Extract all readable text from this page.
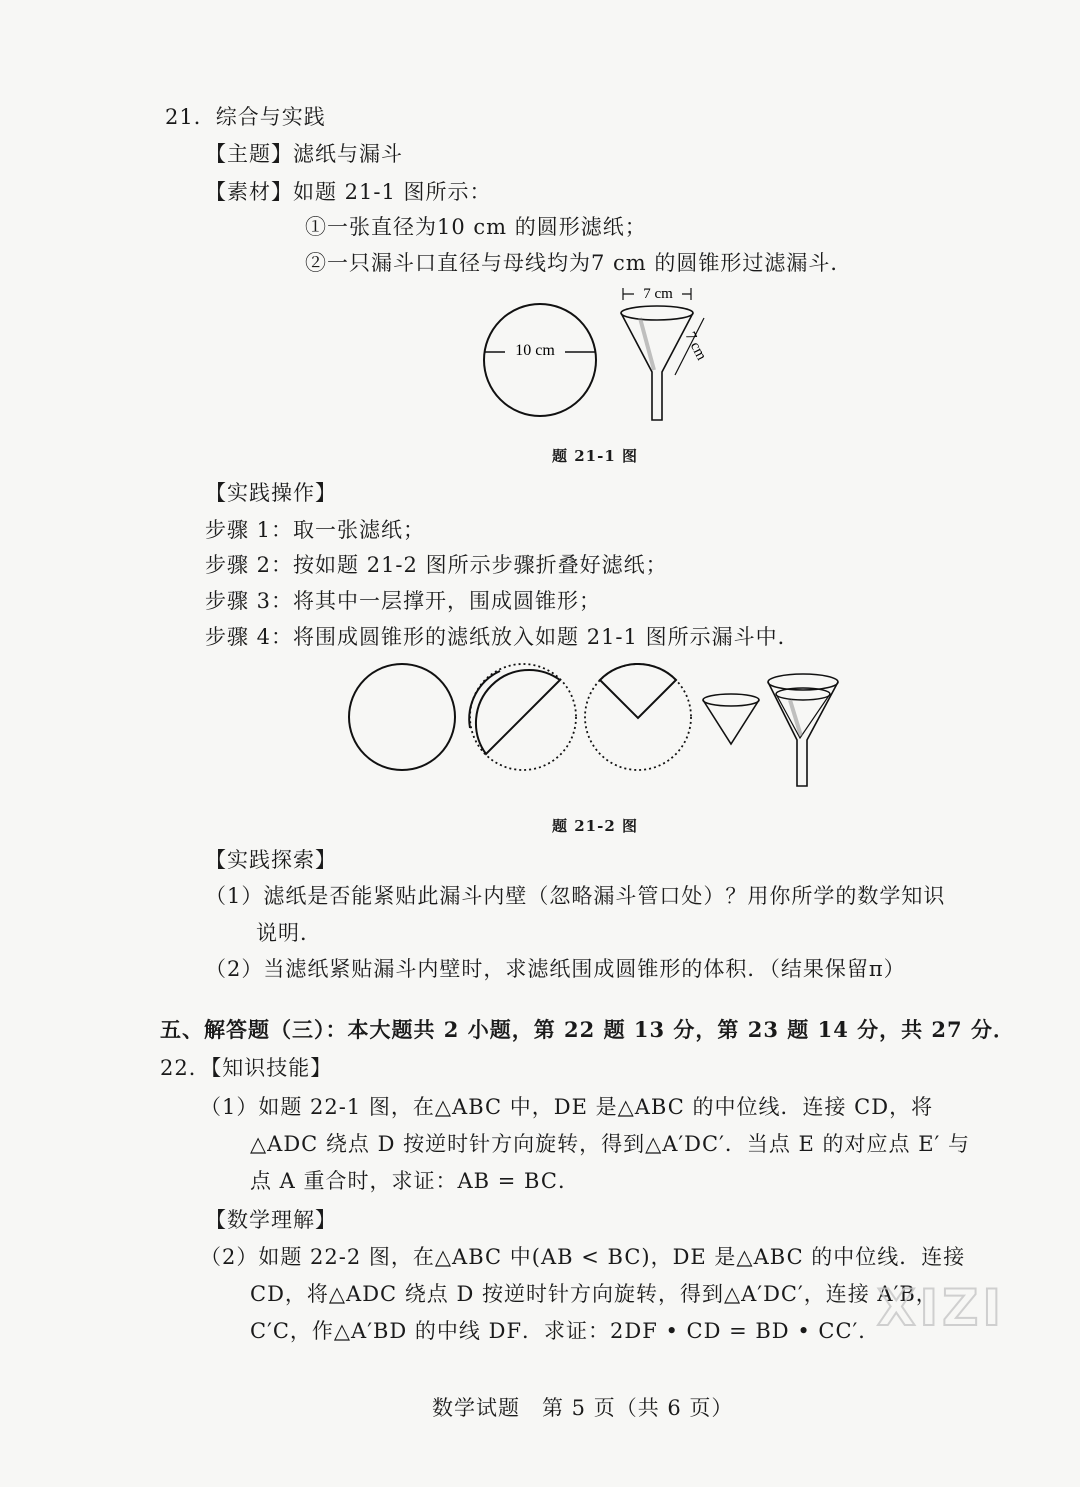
21．综合与实践
【主题】滤纸与漏斗
【素材】如题 21-1 图所示：
①一张直径为10 cm 的圆形滤纸；
②一只漏斗口直径与母线均为7 cm 的圆锥形过滤漏斗．
10 cm
7 cm
7 cm
题 21-1 图
【实践操作】
步骤 1：取一张滤纸；
步骤 2：按如题 21-2 图所示步骤折叠好滤纸；
步骤 3：将其中一层撑开，围成圆锥形；
步骤 4：将围成圆锥形的滤纸放入如题 21-1 图所示漏斗中．
题 21-2 图
【实践探索】
（1）滤纸是否能紧贴此漏斗内壁（忽略漏斗管口处）？用你所学的数学知识
说明．
（2）当滤纸紧贴漏斗内壁时，求滤纸围成圆锥形的体积．（结果保留π）
五、解答题（三）：本大题共 2 小题，第 22 题 13 分，第 23 题 14 分，共 27 分．
22．【知识技能】
（1）如题 22-1 图，在△ABC 中，DE 是△ABC 的中位线．连接 CD，将
△ADC 绕点 D 按逆时针方向旋转，得到△A′DC′．当点 E 的对应点 E′ 与
点 A 重合时，求证：AB = BC．
【数学理解】
（2）如题 22-2 图，在△ABC 中(AB < BC)，DE 是△ABC 的中位线．连接
CD，将△ADC 绕点 D 按逆时针方向旋转，得到△A′DC′，连接 A′B，
C′C，作△A′BD 的中线 DF．求证：2DF • CD = BD • CC′．
数学试题　第 5 页（共 6 页）
XIZI
